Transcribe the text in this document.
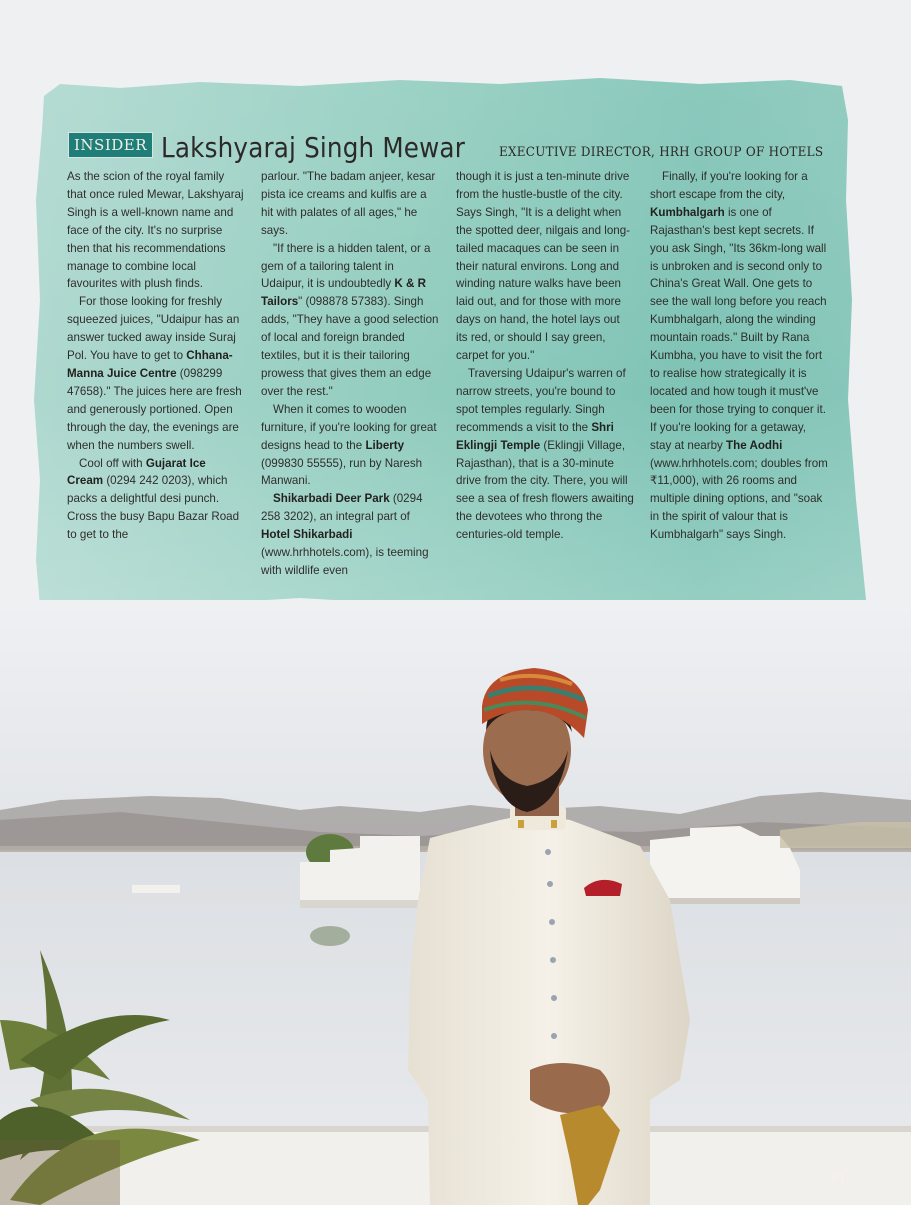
INSIDER Lakshyaraj Singh Mewar	EXECUTIVE DIRECTOR, HRH GROUP OF HOTELS

As the scion of the royal family that once ruled Mewar, Lakshyaraj Singh is a well-known name and face of the city. It's no surprise then that his recommendations manage to combine local favourites with plush finds.

For those looking for freshly squeezed juices, "Udaipur has an answer tucked away inside Suraj Pol. You have to get to Chhana-Manna Juice Centre (098299 47658)." The juices here are fresh and generously portioned. Open through the day, the evenings are when the numbers swell.

Cool off with Gujarat Ice Cream (0294 242 0203), which packs a delightful desi punch. Cross the busy Bapu Bazar Road to get to the

parlour. "The badam anjeer, kesar pista ice creams and kulfis are a hit with palates of all ages," he says.

"If there is a hidden talent, or a gem of a tailoring talent in Udaipur, it is undoubtedly K & R Tailors" (098878 57383). Singh adds, "They have a good selection of local and foreign branded textiles, but it is their tailoring prowess that gives them an edge over the rest."

When it comes to wooden furniture, if you're looking for great designs head to the Liberty (099830 55555), run by Naresh Manwani.

Shikarbadi Deer Park (0294 258 3202), an integral part of Hotel Shikarbadi (www.hrhhotels.com), is teeming with wildlife even

though it is just a ten-minute drive from the hustle-bustle of the city. Says Singh, "It is a delight when the spotted deer, nilgais and long-tailed macaques can be seen in their natural environs. Long and winding nature walks have been laid out, and for those with more days on hand, the hotel lays out its red, or should I say green, carpet for you."

Traversing Udaipur's warren of narrow streets, you're bound to spot temples regularly. Singh recommends a visit to the Shri Eklingji Temple (Eklingji Village, Rajasthan), that is a 30-minute drive from the city. There, you will see a sea of fresh flowers awaiting the devotees who throng the centuries-old temple.

Finally, if you're looking for a short escape from the city, Kumbhalgarh is one of Rajasthan's best kept secrets. If you ask Singh, "Its 36km-long wall is unbroken and is second only to China's Great Wall. One gets to see the wall long before you reach Kumbhalgarh, along the winding mountain roads." Built by Rana Kumbha, you have to visit the fort to realise how strategically it is located and how tough it must've been for those trying to conquer it. If you're looking for a getaway, stay at nearby The Aodhi (www.hrhhotels.com; doubles from ₹11,000), with 26 rooms and multiple dining options, and "soak in the spirit of valour that is Kumbhalgarh" says Singh.

81
